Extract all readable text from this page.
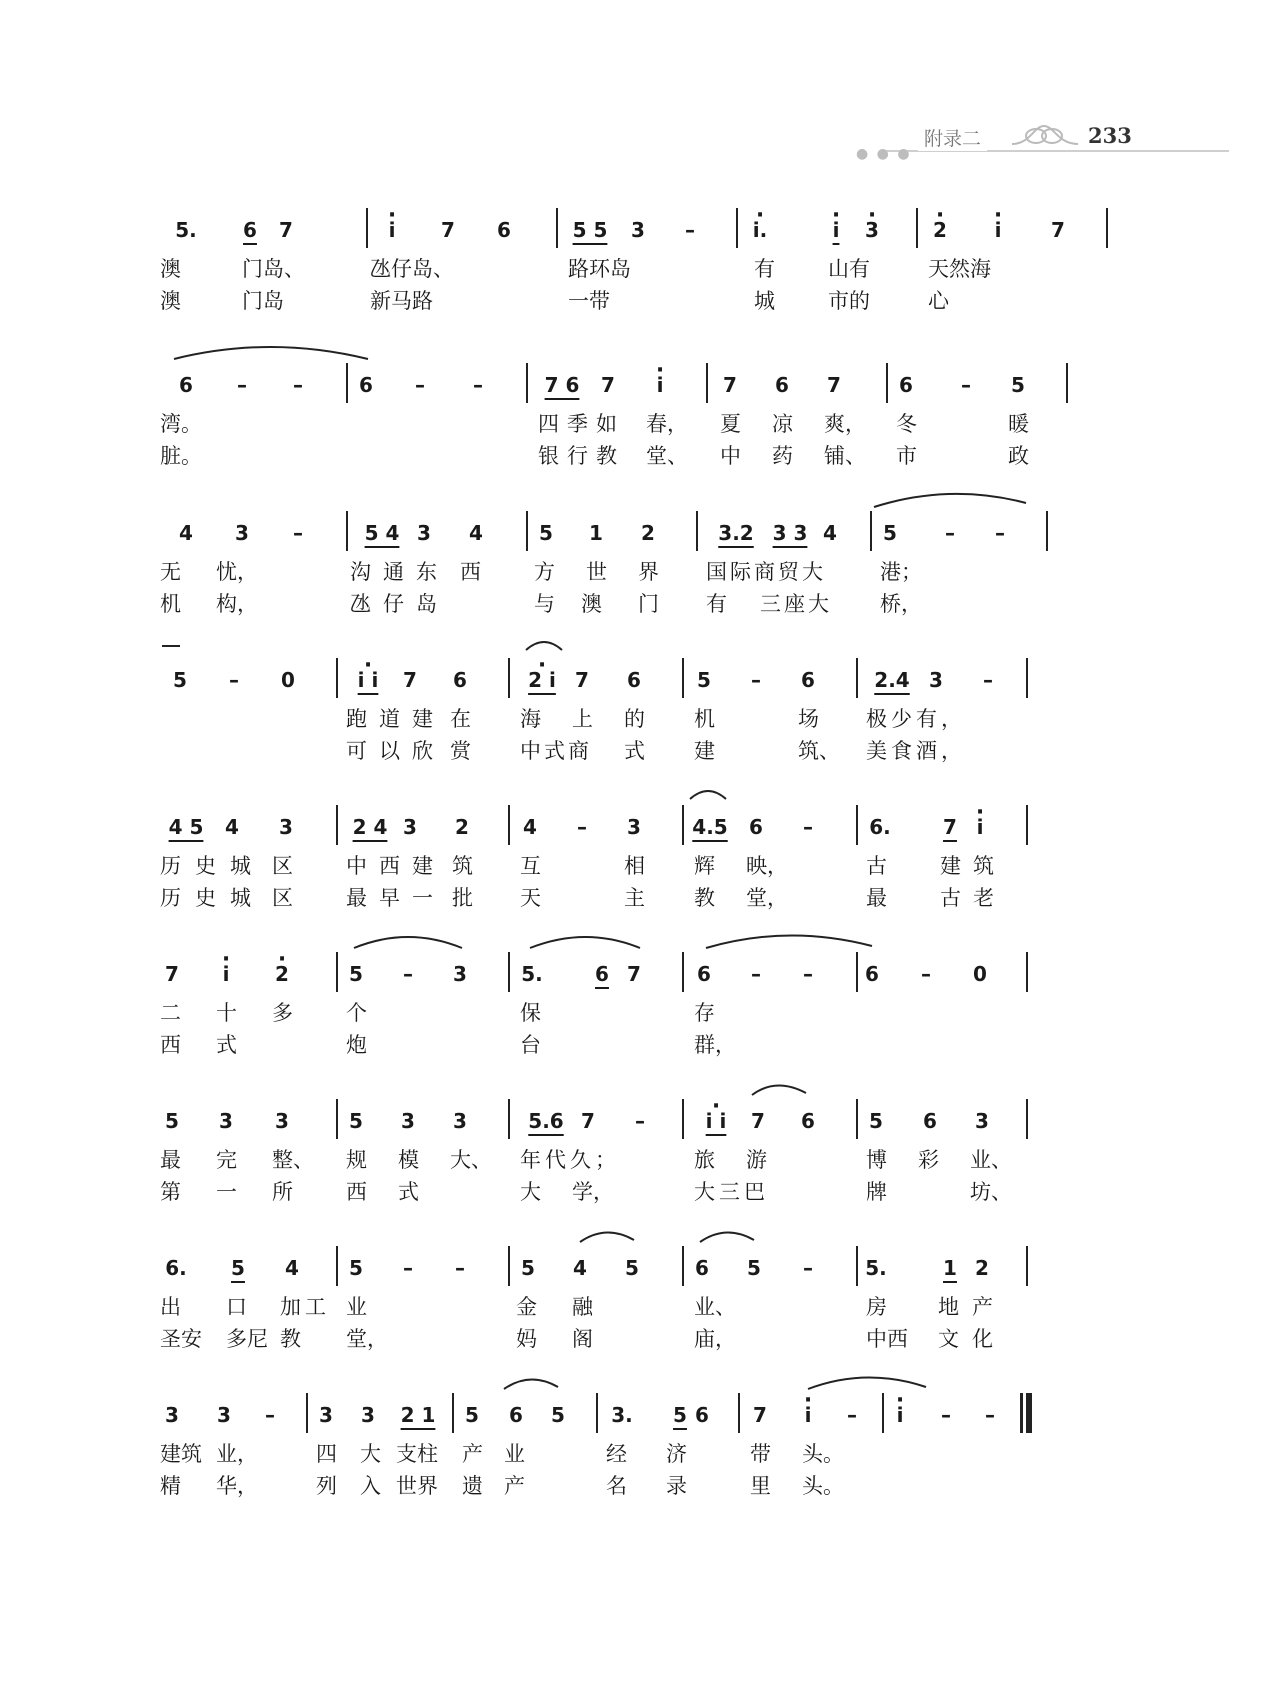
● ● ●
附录二	233
5.	6	7	· i	7	6	5 5	3	–	· i.	· i	· 3	· 2	· i	7
澳	门岛、	氹仔岛、	路环岛	有	山有	天然海
澳	门岛	新马路	一带	城	市的	心
6	–	–	6	–	–	7 6	7	· i	7	6	7	6	–	5
湾。	四季如 春， 夏 凉 爽， 冬	暖
脏。	银行教 堂、 中 药 铺、 市	政
4	3	–	5 4 3	4	5	1	2	3.2 3 3 4	5	–	–
无 忧，	沟通东 西	方 世 界 国际商贸大	港；
机 构，	氹仔岛	与澳 门 有 三座大 桥，
5	–	0	· i i	7	6	· 2 i 7	6	5	–	6	2.4 3	–
跑道建 在 海 上 的 机	场 极少有，
可以欣 赏 中式商 式 建	筑、 美食酒，
4 5	4	3	2 4 3	2	4	–	3	4.5	6	–	6.	7 · i
历史城 区	中西建 筑 互	相 辉 映，	古	建筑
历史城 区	最早一 批 天	主 教 堂，	最	古老
7	· i	· 2	5	–	3	5.	6 7	6	–	–	6	–	0
二 十 多	个	保	存
西 式	炮	台	群，
5	3	3	5	3	3	5.6 7	–	· i i	7	6	5	6	3
最 完 整、 规 模 大、 年代久；	旅 游	博 彩 业、
第 一 所	西 式	大 学，	大三巴	牌	坊、
6.	5	4	5	–	–	5	4	5	6	5	–	5.	1 2
出 口 加工 业	金 融	业、	房 地 产
圣安 多尼 教 堂，	妈 阁	庙，	中西 文 化
3	3	–	3	3	2 1	5	6	5	3.	5 6	7	· i	–	· i	–	–
建筑 业，	四 大 支柱 产 业	经 济	带 头。
精 华，	列 入 世界 遗 产	名 录	里 头。
